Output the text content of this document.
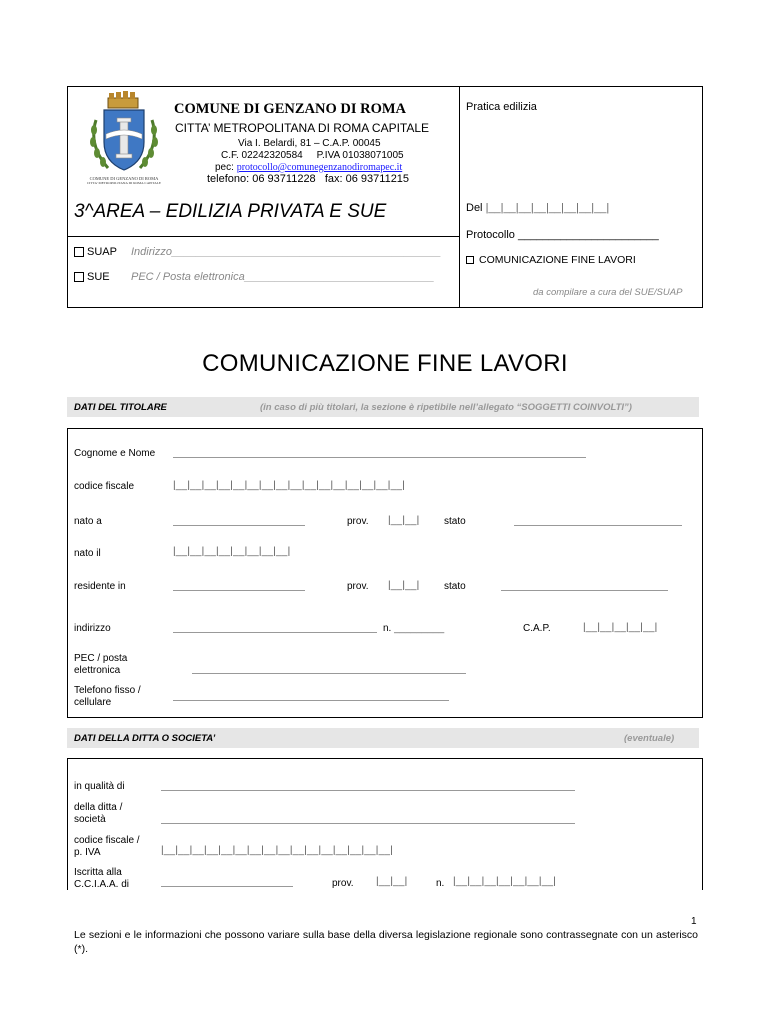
COMUNE DI GENZANO DI ROMA
CITTA' METROPOLITANA DI ROMA CAPITALE
COMUNE DI GENZANO DI ROMA
CITTA’ METROPOLITANA DI ROMA CAPITALE
Via I. Belardi, 81 – C.A.P. 00045
C.F. 02242320584     P.IVA 01038071005
pec: protocollo@comunegenzanodiromapec.it
telefono: 06 93711228   fax: 06 93711215
3^AREA – EDILIZIA PRIVATA E SUE
SUAP Indirizzo____________________________________________
SUE PEC / Posta elettronica_______________________________
Pratica edilizia
Del |__|__|__|__|__|__|__|__|
Protocollo _______________________
COMUNICAZIONE FINE LAVORI
da compilare a cura del SUE/SUAP
COMUNICAZIONE FINE LAVORI
DATI DEL TITOLARE	(in caso di più titolari, la sezione è ripetibile nell’allegato “SOGGETTI COINVOLTI”)
Cognome e Nome
codice fiscale	|__|__|__|__|__|__|__|__|__|__|__|__|__|__|__|__|
nato a	prov. |__|__| stato
nato il	|__|__|__|__|__|__|__|__|
residente in	prov. |__|__| stato
indirizzo	n. _________	C.A.P.	|__|__|__|__|__|
PEC / posta elettronica
Telefono fisso / cellulare
DATI DELLA DITTA O SOCIETA’	(eventuale)
in qualità di
della ditta / società
codice fiscale / p. IVA	|__|__|__|__|__|__|__|__|__|__|__|__|__|__|__|__|
Iscritta alla C.C.I.A.A. di	prov. |__|__|	n. |__|__|__|__|__|__|__|
1
Le sezioni e le informazioni che possono variare sulla base della diversa legislazione regionale sono contrassegnate con un asterisco (*).
